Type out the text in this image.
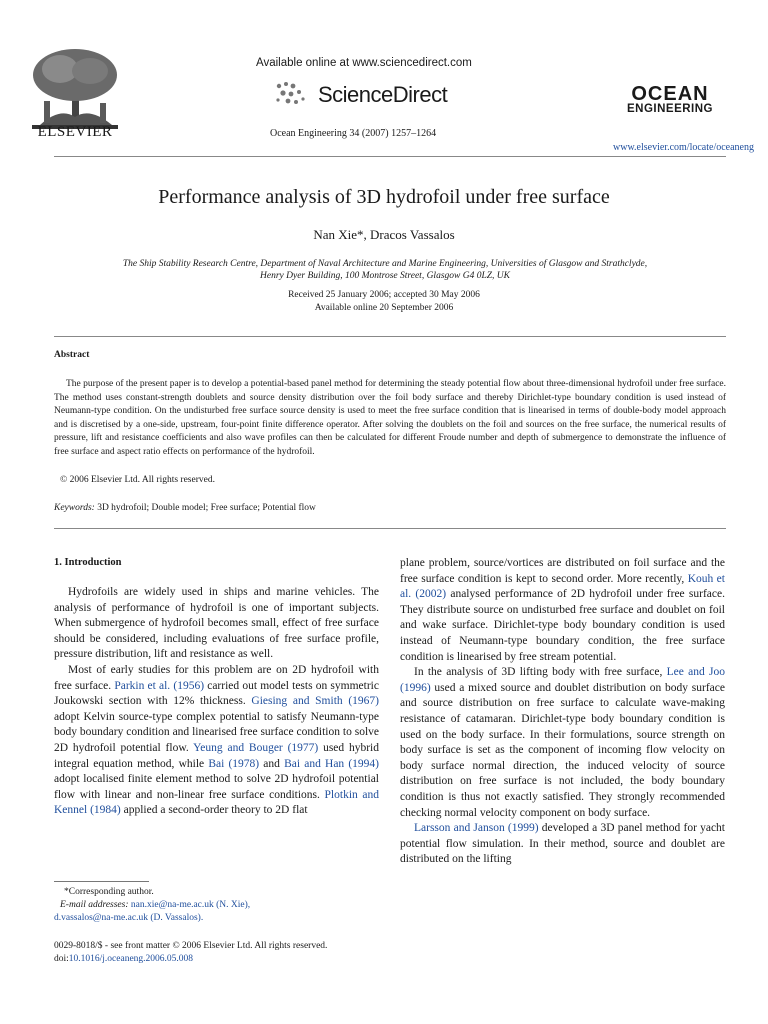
ELSEVIER
Available online at www.sciencedirect.com
ScienceDirect
Ocean Engineering 34 (2007) 1257–1264
OCEAN
ENGINEERING
www.elsevier.com/locate/oceaneng
Performance analysis of 3D hydrofoil under free surface
Nan Xie*, Dracos Vassalos
The Ship Stability Research Centre, Department of Naval Architecture and Marine Engineering, Universities of Glasgow and Strathclyde,
Henry Dyer Building, 100 Montrose Street, Glasgow G4 0LZ, UK
Received 25 January 2006; accepted 30 May 2006
Available online 20 September 2006
Abstract
The purpose of the present paper is to develop a potential-based panel method for determining the steady potential flow about three-dimensional hydrofoil under free surface. The method uses constant-strength doublets and source density distribution over the foil body surface and thereby Dirichlet-type boundary condition is used instead of Neumann-type condition. On the undisturbed free surface source density is used to meet the free surface condition that is linearised in terms of double-body model approach and is discretised by a one-side, upstream, four-point finite difference operator. After solving the doublets on the foil and sources on the free surface, the numerical results of pressure, lift and resistance coefficients and also wave profiles can then be calculated for different Froude number and depth of submergence to demonstrate the influence of free surface and aspect ratio effects on performance of the hydrofoil.
© 2006 Elsevier Ltd. All rights reserved.
Keywords: 3D hydrofoil; Double model; Free surface; Potential flow
1. Introduction

Hydrofoils are widely used in ships and marine vehicles. The analysis of performance of hydrofoil is one of important subjects. When submergence of hydrofoil becomes small, effect of free surface should be considered, including evaluations of free surface profile, pressure distribution, lift and resistance as well.

Most of early studies for this problem are on 2D hydrofoil with free surface. Parkin et al. (1956) carried out model tests on symmetric Joukowski section with 12% thickness. Giesing and Smith (1967) adopt Kelvin source-type complex potential to satisfy Neumann-type body boundary condition and linearised free surface condition to solve 2D hydrofoil potential flow. Yeung and Bouger (1977) used hybrid integral equation method, while Bai (1978) and Bai and Han (1994) adopt localised finite element method to solve 2D hydrofoil potential flow with linear and non-linear free surface conditions. Plotkin and Kennel (1984) applied a second-order theory to 2D flat

plane problem, source/vortices are distributed on foil surface and the free surface condition is kept to second order. More recently, Kouh et al. (2002) analysed performance of 2D hydrofoil under free surface. They distribute source on undisturbed free surface and doublet on foil and wake surface. Dirichlet-type body boundary condition is used instead of Neumann-type boundary condition, the free surface condition is linearised by free stream potential.

In the analysis of 3D lifting body with free surface, Lee and Joo (1996) used a mixed source and doublet distribution on body surface and source distribution on free surface to calculate wave-making resistance of catamaran. Dirichlet-type body boundary condition is used on the body surface. In their formulations, source strength on body surface is set as the component of incoming flow velocity on body surface normal direction, the induced velocity of source distribution on free surface is not included, the body boundary condition is thus not exactly satisfied. They strongly recommended checking normal velocity component on body surface.

Larsson and Janson (1999) developed a 3D panel method for yacht potential flow simulation. In their method, source and doublet are distributed on the lifting

*Corresponding author.
E-mail addresses: nan.xie@na-me.ac.uk (N. Xie),
d.vassalos@na-me.ac.uk (D. Vassalos).
0029-8018/$ - see front matter © 2006 Elsevier Ltd. All rights reserved.
doi:10.1016/j.oceaneng.2006.05.008
